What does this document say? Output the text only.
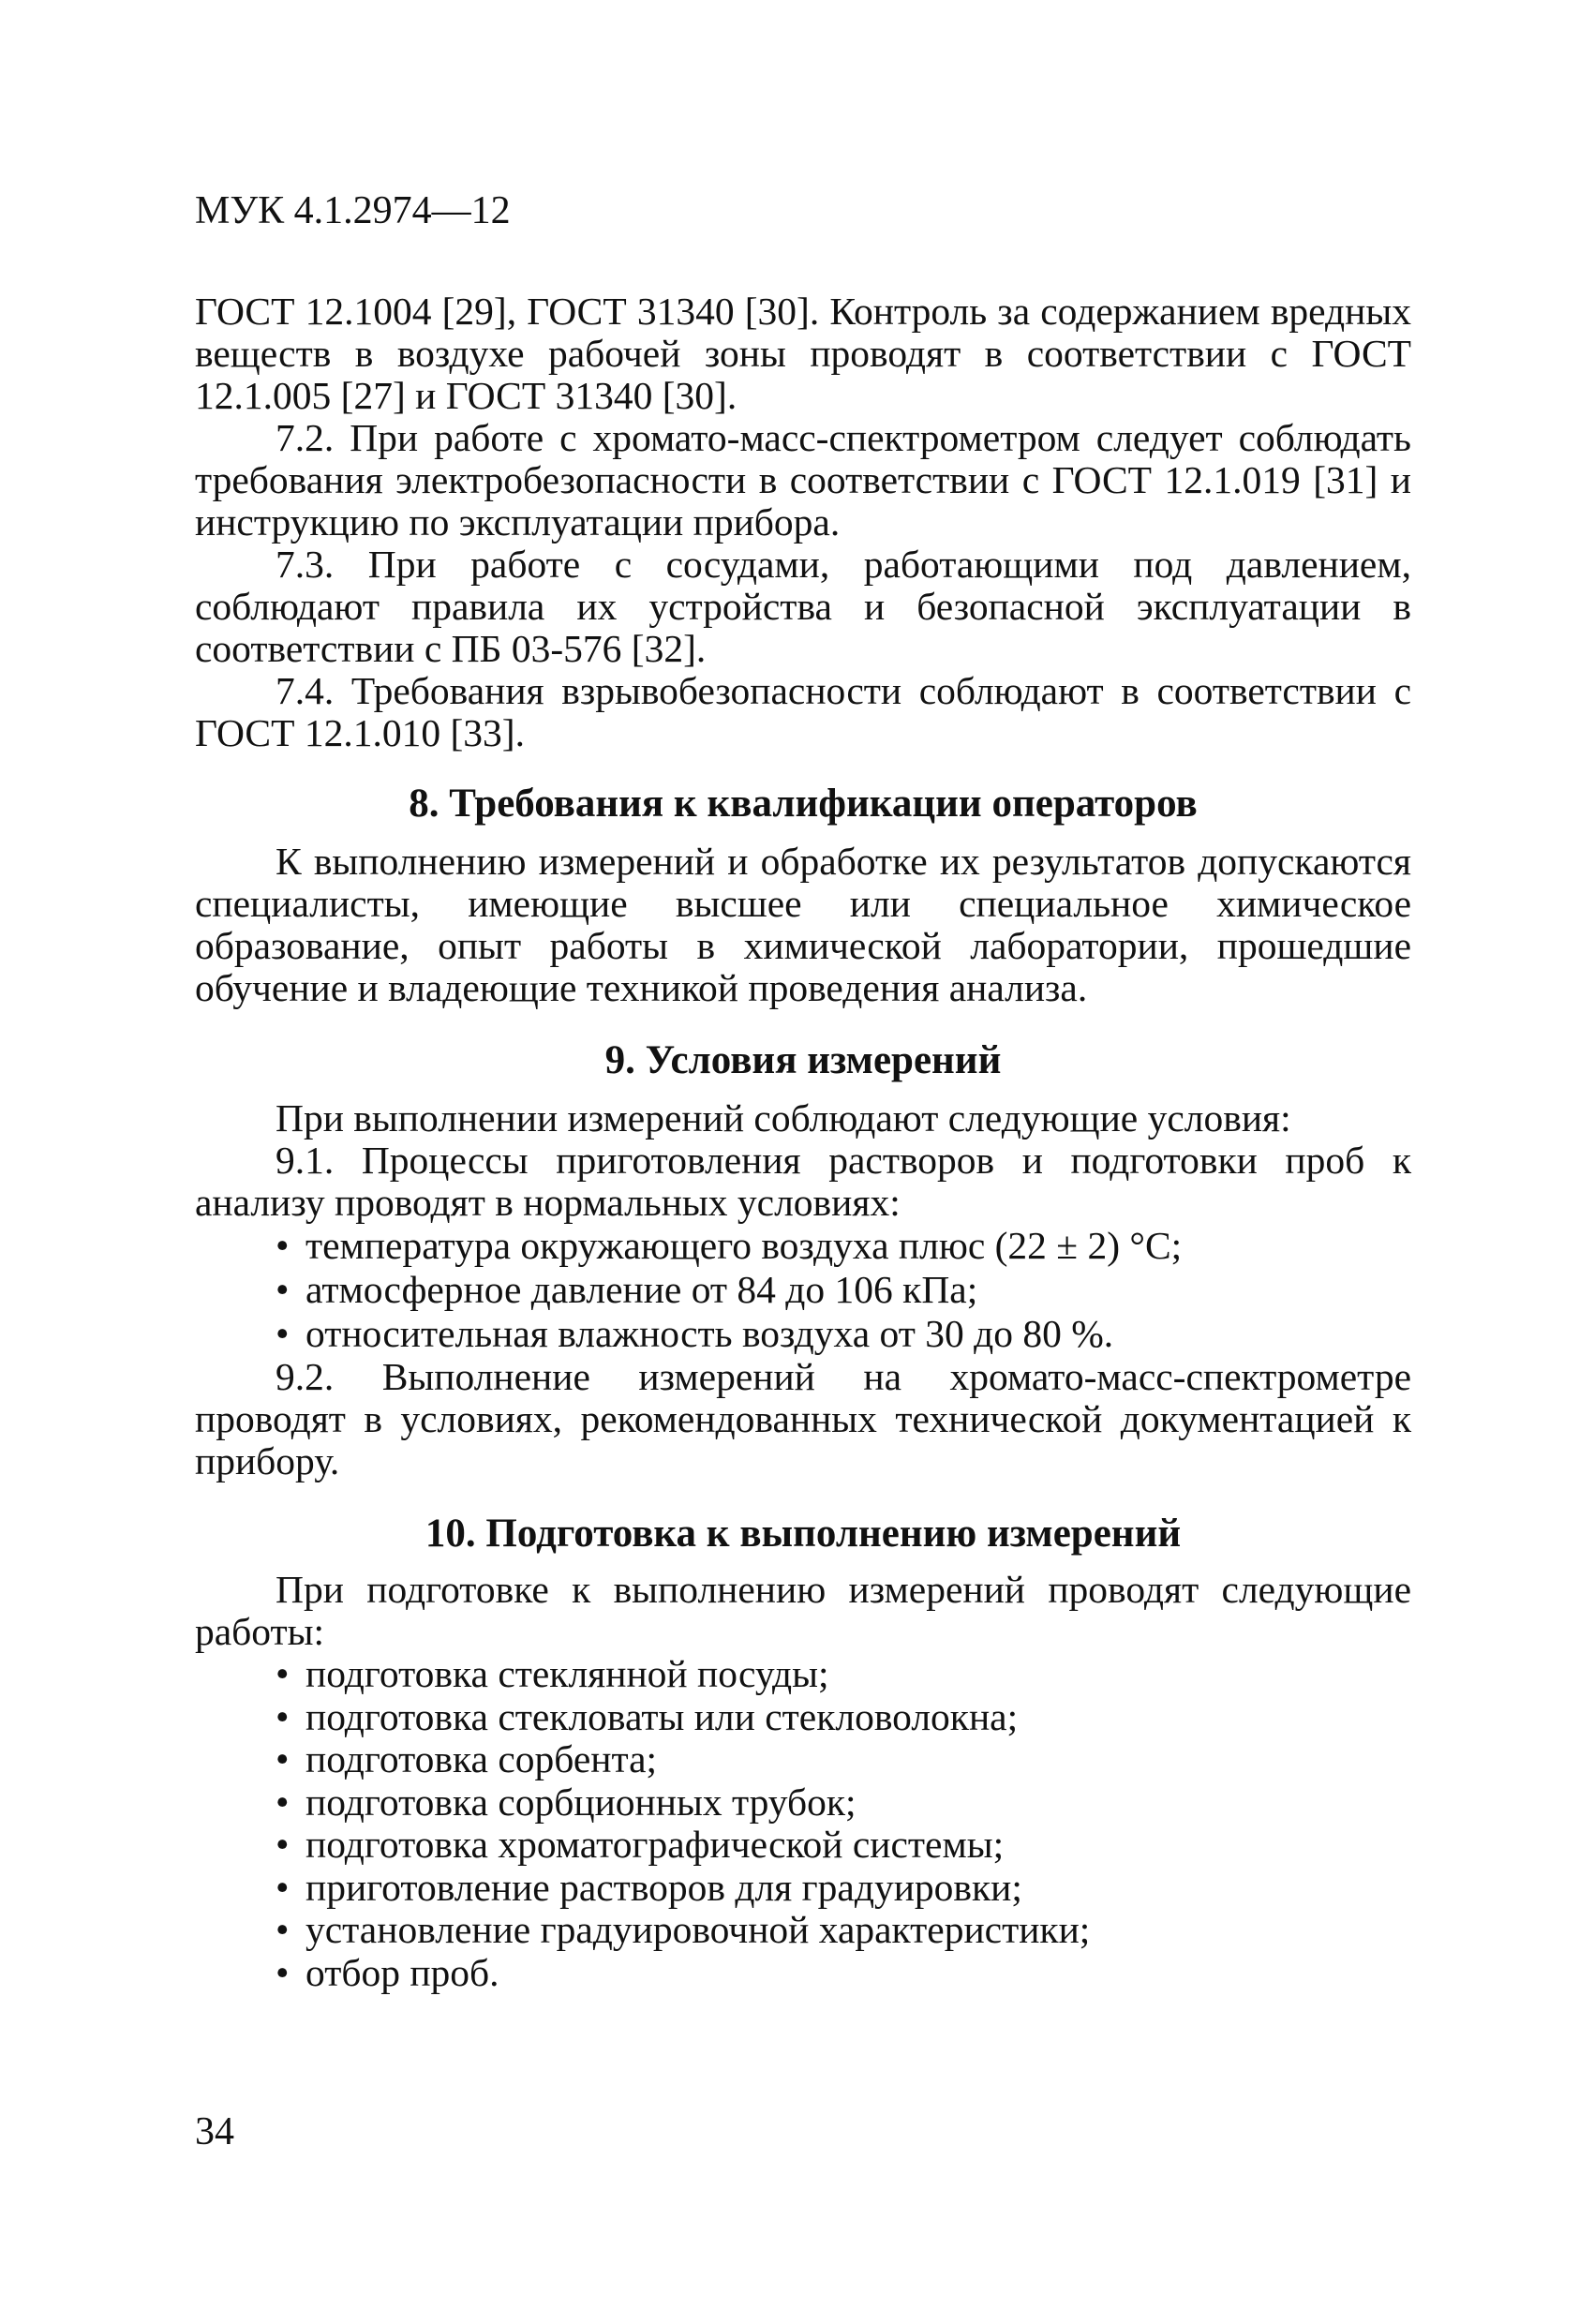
МУК 4.1.2974—12

ГОСТ 12.1004 [29], ГОСТ 31340 [30]. Контроль за содержанием вредных веществ в воздухе рабочей зоны проводят в соответствии с ГОСТ 12.1.005 [27] и ГОСТ 31340 [30].

7.2. При работе с хромато-масс-спектрометром следует соблюдать требования электробезопасности в соответствии с ГОСТ 12.1.019 [31] и инструкцию по эксплуатации прибора.

7.3. При работе с сосудами, работающими под давлением, соблюдают правила их устройства и безопасной эксплуатации в соответствии с ПБ 03-576 [32].

7.4. Требования взрывобезопасности соблюдают в соответствии с ГОСТ 12.1.010 [33].

8. Требования к квалификации операторов

К выполнению измерений и обработке их результатов допускаются специалисты, имеющие высшее или специальное химическое образование, опыт работы в химической лаборатории, прошедшие обучение и владеющие техникой проведения анализа.

9. Условия измерений

При выполнении измерений соблюдают следующие условия:

9.1. Процессы приготовления растворов и подготовки проб к анализу проводят в нормальных условиях:

• температура окружающего воздуха плюс (22 ± 2) °С;
• атмосферное давление от 84 до 106 кПа;
• относительная влажность воздуха от 30 до 80 %.

9.2. Выполнение измерений на хромато-масс-спектрометре проводят в условиях, рекомендованных технической документацией к прибору.

10. Подготовка к выполнению измерений

При подготовке к выполнению измерений проводят следующие работы:

• подготовка стеклянной посуды;
• подготовка стекловаты или стекловолокна;
• подготовка сорбента;
• подготовка сорбционных трубок;
• подготовка хроматографической системы;
• приготовление растворов для градуировки;
• установление градуировочной характеристики;
• отбор проб.
34
